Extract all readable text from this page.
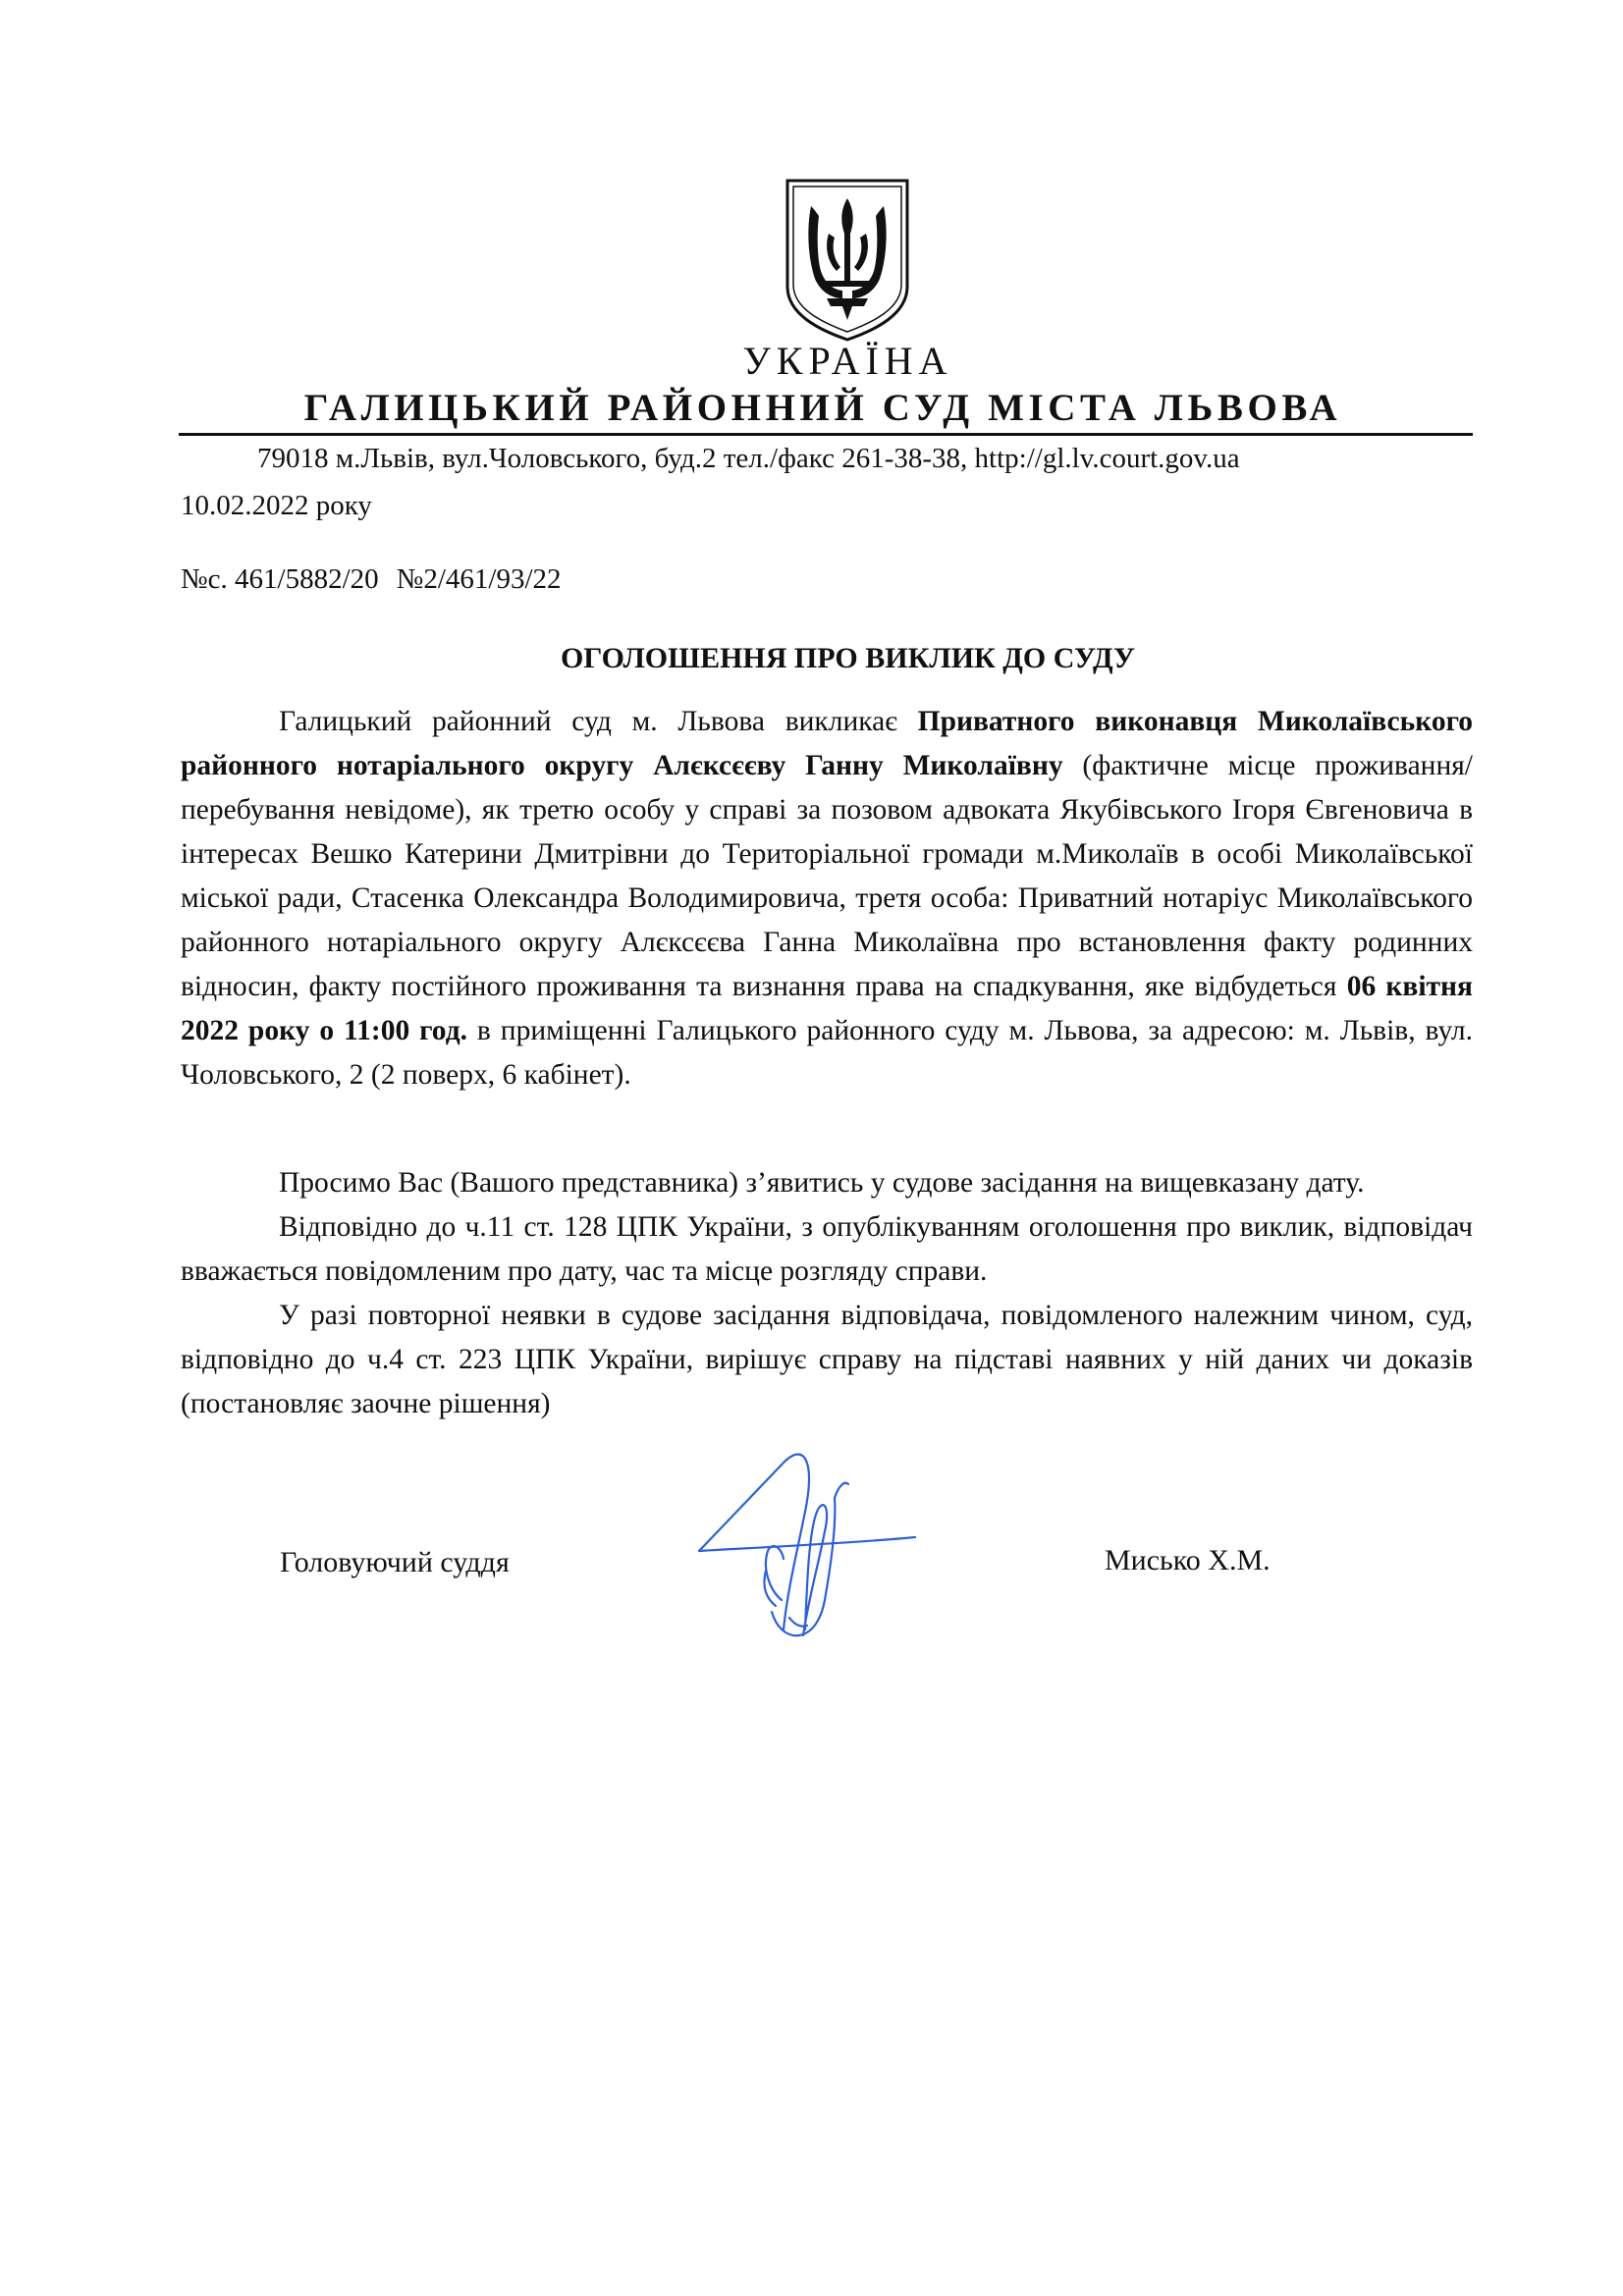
УКРАЇНА
ГАЛИЦЬКИЙ РАЙОННИЙ СУД МІСТА ЛЬВОВА
79018 м.Львів, вул.Чоловського, буд.2 тел./факс 261-38-38, http://gl.lv.court.gov.ua
10.02.2022 року
№с. 461/5882/20 №2/461/93/22
ОГОЛОШЕННЯ ПРО ВИКЛИК ДО СУДУ

Галицький районний суд м. Львова викликає Приватного виконавця Миколаївського районного нотаріального округу Алєксєєву Ганну Миколаївну (фактичне місце проживання/перебування невідоме), як третю особу у справі за позовом адвоката Якубівського Ігоря Євгеновича в інтересах Вешко Катерини Дмитрівни до Територіальної громади м.Миколаїв в особі Миколаївської міської ради, Стасенка Олександра Володимировича, третя особа: Приватний нотаріус Миколаївського районного нотаріального округу Алєксєєва Ганна Миколаївна про встановлення факту родинних відносин, факту постійного проживання та визнання права на спадкування, яке відбудеться 06 квітня 2022 року о 11:00 год. в приміщенні Галицького районного суду м. Львова, за адресою: м. Львів, вул. Чоловського, 2 (2 поверх, 6 кабінет).

Просимо Вас (Вашого представника) з’явитись у судове засідання на вищевказану дату.

Відповідно до ч.11 ст. 128 ЦПК України, з опублікуванням оголошення про виклик, відповідач вважається повідомленим про дату, час та місце розгляду справи.

У разі повторної неявки в судове засідання відповідача, повідомленого належним чином, суд, відповідно до ч.4 ст. 223 ЦПК України, вирішує справу на підставі наявних у ній даних чи доказів (постановляє заочне рішення)

Головуючий суддя	Мисько Х.М.
